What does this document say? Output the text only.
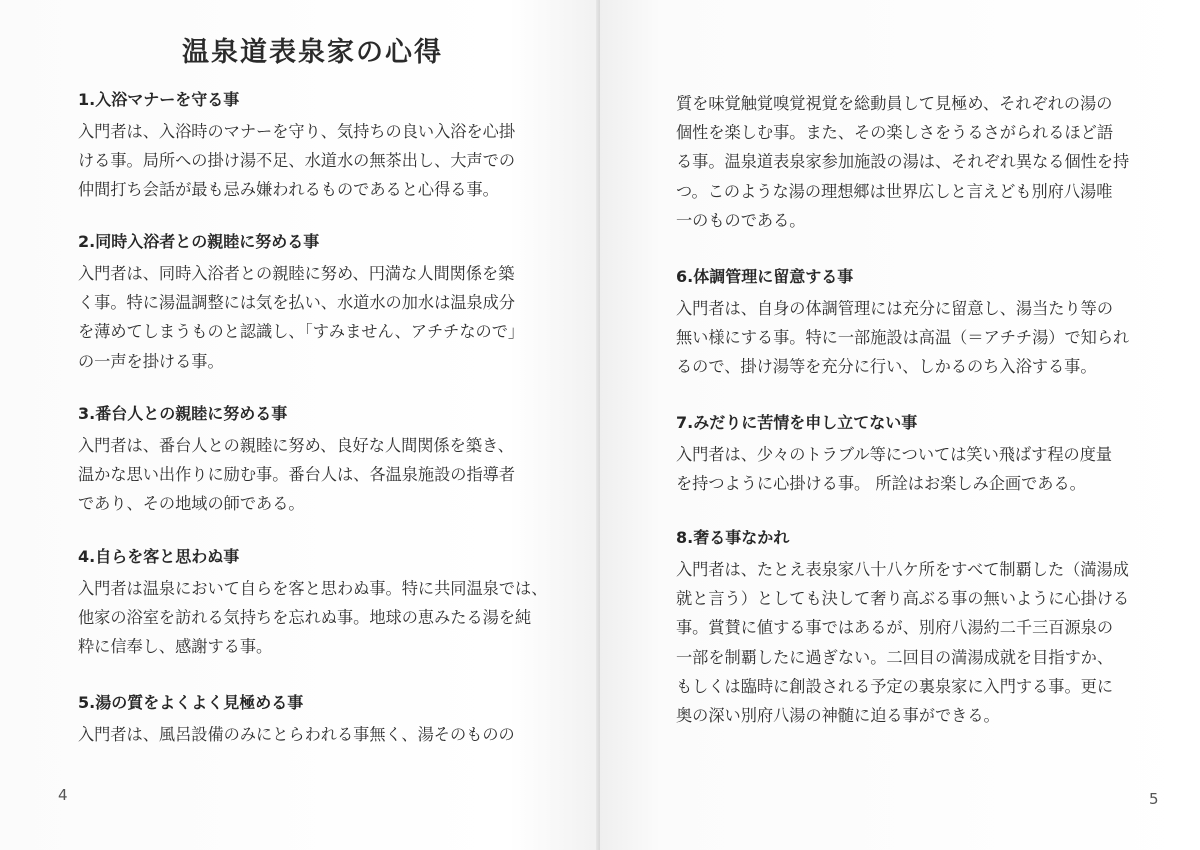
温泉道表泉家の心得
1.入浴マナーを守る事
入門者は、入浴時のマナーを守り、気持ちの良い入浴を心掛
ける事。局所への掛け湯不足、水道水の無茶出し、大声での
仲間打ち会話が最も忌み嫌われるものであると心得る事。
2.同時入浴者との親睦に努める事
入門者は、同時入浴者との親睦に努め、円満な人間関係を築
く事。特に湯温調整には気を払い、水道水の加水は温泉成分
を薄めてしまうものと認識し、「すみません、アチチなので」
の一声を掛ける事。
3.番台人との親睦に努める事
入門者は、番台人との親睦に努め、良好な人間関係を築き、
温かな思い出作りに励む事。番台人は、各温泉施設の指導者
であり、その地域の師である。
4.自らを客と思わぬ事
入門者は温泉において自らを客と思わぬ事。特に共同温泉では、
他家の浴室を訪れる気持ちを忘れぬ事。地球の恵みたる湯を純
粋に信奉し、感謝する事。
5.湯の質をよくよく見極める事
入門者は、風呂設備のみにとらわれる事無く、湯そのものの
4
質を味覚触覚嗅覚視覚を総動員して見極め、それぞれの湯の
個性を楽しむ事。また、その楽しさをうるさがられるほど語
る事。温泉道表泉家参加施設の湯は、それぞれ異なる個性を持
つ。このような湯の理想郷は世界広しと言えども別府八湯唯
一のものである。
6.体調管理に留意する事
入門者は、自身の体調管理には充分に留意し、湯当たり等の
無い様にする事。特に一部施設は高温（＝アチチ湯）で知られ
るので、掛け湯等を充分に行い、しかるのち入浴する事。
7.みだりに苦情を申し立てない事
入門者は、少々のトラブル等については笑い飛ばす程の度量
を持つように心掛ける事。 所詮はお楽しみ企画である。
8.奢る事なかれ
入門者は、たとえ表泉家八十八ケ所をすべて制覇した（満湯成
就と言う）としても決して奢り高ぶる事の無いように心掛ける
事。賞賛に値する事ではあるが、別府八湯約二千三百源泉の
一部を制覇したに過ぎない。二回目の満湯成就を目指すか、
もしくは臨時に創設される予定の裏泉家に入門する事。更に
奥の深い別府八湯の神髄に迫る事ができる。
5
